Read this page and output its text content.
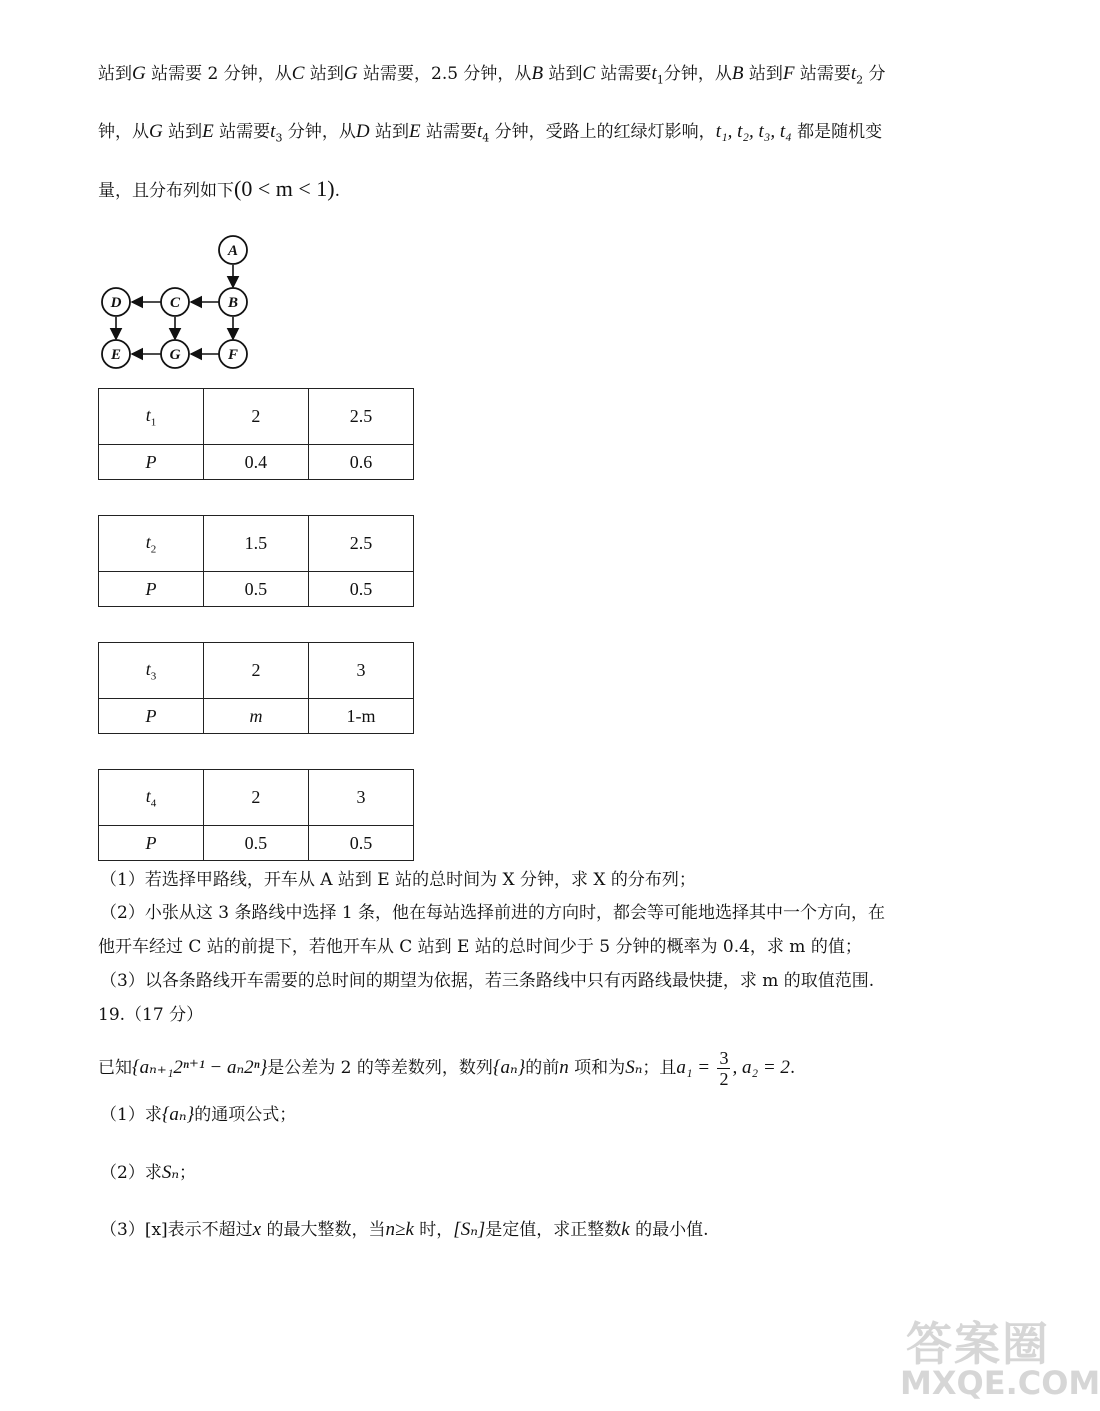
站到G 站需要 2 分钟，从C 站到G 站需要，2.5 分钟，从B 站到C 站需要$t_1$分钟，从B 站到F 站需要$t_2$ 分
钟，从G 站到E 站需要$t_3$ 分钟，从D 站到E 站需要$t_4$ 分钟，受路上的红绿灯影响，t₁, t₂, t₃, t₄ 都是随机变
量，且分布列如下(0 < m < 1).
A
B
C
D
E	G	F
$t_1$	2	2.5
P	0.4	0.6
$t_2$	1.5	2.5
P	0.5	0.5
$t_3$	2	3
P	m	1-m
$t_4$	2	3
P	0.5	0.5
（1）若选择甲路线，开车从 A 站到 E 站的总时间为 X 分钟，求 X 的分布列；
（2）小张从这 3 条路线中选择 1 条，他在每站选择前进的方向时，都会等可能地选择其中一个方向，在
他开车经过 C 站的前提下，若他开车从 C 站到 E 站的总时间少于 5 分钟的概率为 0.4，求 m 的值；
（3）以各条路线开车需要的总时间的期望为依据，若三条路线中只有丙路线最快捷，求 m 的取值范围.
19.（17 分）
已知{aₙ₊₁2ⁿ⁺¹ − aₙ2ⁿ}是公差为 2 的等差数列，数列{aₙ}的前n 项和为Sₙ；且$a_1 = \frac{3}{2}$ , a₂ = 2.
（1）求{aₙ}的通项公式；
（2）求Sₙ；
（3）[x]表示不超过x 的最大整数，当n≥k 时，[Sₙ]是定值，求正整数k 的最小值.
答案圈
MXQE.COM
